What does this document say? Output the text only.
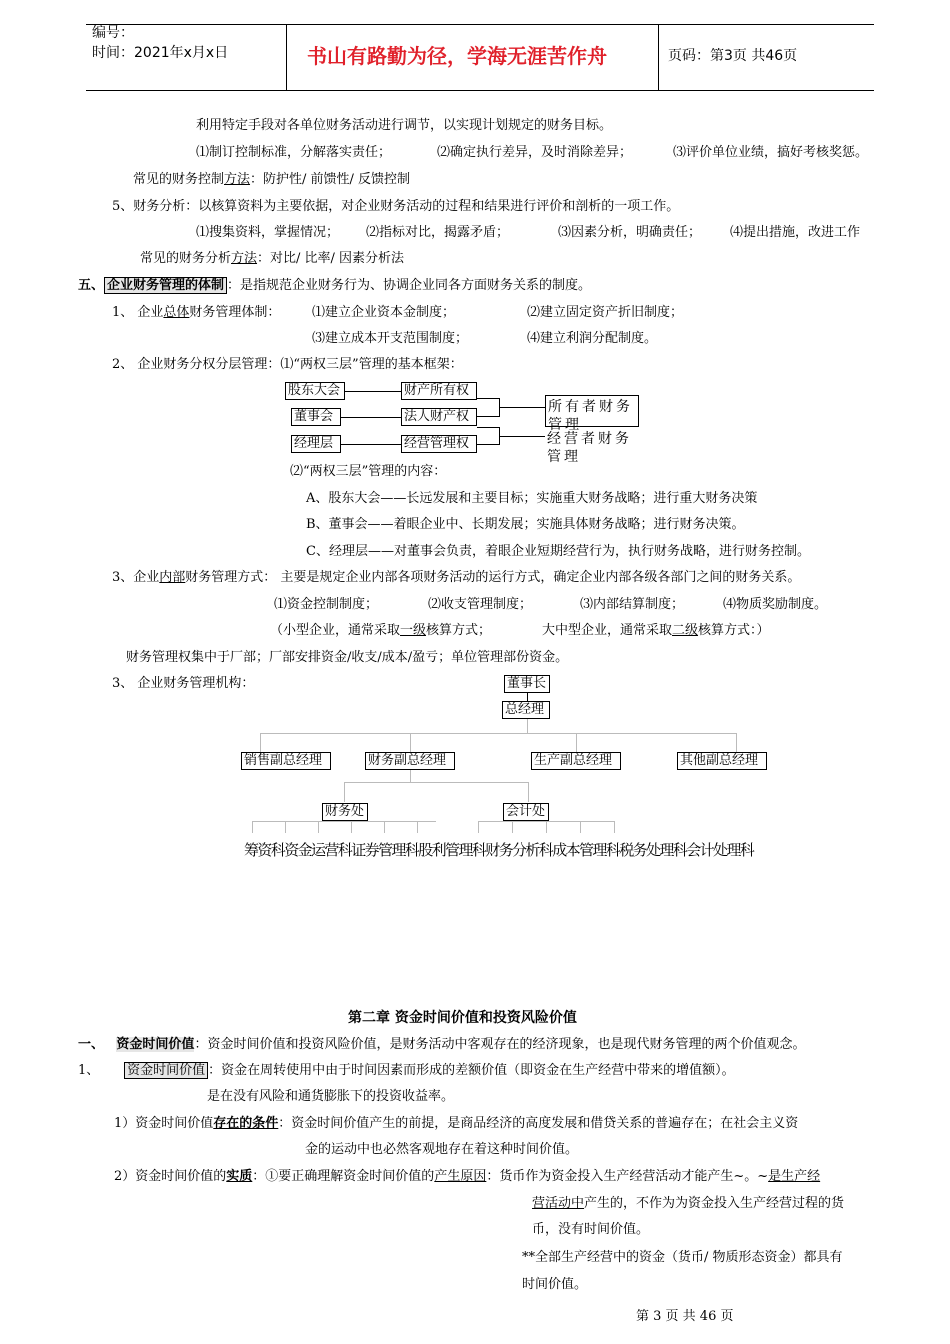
编号：
时间：2021年x月x日	书山有路勤为径，学海无涯苦作舟	页码：第3页 共46页
利用特定手段对各单位财务活动进行调节，以实现计划规定的财务目标。
⑴制订控制标准，分解落实责任；	⑵确定执行差异，及时消除差异；	⑶评价单位业绩，搞好考核奖惩。
常见的财务控制方法：防护性/ 前馈性/ 反馈控制
5、财务分析：以核算资料为主要依据，对企业财务活动的过程和结果进行评价和剖析的一项工作。
⑴搜集资料，掌握情况； ⑵指标对比，揭露矛盾；	⑶因素分析，明确责任； ⑷提出措施，改进工作
常见的财务分析方法：对比/ 比率/ 因素分析法
五、 企业财务管理的体制 ：是指规范企业财务行为、协调企业同各方面财务关系的制度。
1、 企业总体财务管理体制： ⑴建立企业资本金制度；	⑵建立固定资产折旧制度；
⑶建立成本开支范围制度；	⑷建立利润分配制度。
2、 企业财务分权分层管理：⑴“两权三层”管理的基本框架：
股东大会
董事会
经理层
财产所有权
法人财产权
经营管理权
所有者财务管理
经营者财务管理
⑵“两权三层”管理的内容：
A、股东大会——长远发展和主要目标；实施重大财务战略；进行重大财务决策
B、董事会——着眼企业中、长期发展；实施具体财务战略；进行财务决策。
C、经理层——对董事会负责，着眼企业短期经营行为，执行财务战略，进行财务控制。
3、企业内部财务管理方式： 主要是规定企业内部各项财务活动的运行方式，确定企业内部各级各部门之间的财务关系。
⑴资金控制制度；	⑵收支管理制度；	⑶内部结算制度；	⑷物质奖励制度。
（小型企业，通常采取一级核算方式；	大中型企业，通常采取二级核算方式：）
财务管理权集中于厂部；厂部安排资金/收支/成本/盈亏；单位管理部份资金。
3、 企业财务管理机构：	董事长
总经理
销售副总经理	财务副总经理	生产副总经理	其他副总经理
财务处	会计处
筹资科资金运营科证券管理科股利管理科财务分析科成本管理科税务处理科会计处理科
第二章 资金时间价值和投资风险价值
一、 资金时间价值：资金时间价值和投资风险价值，是财务活动中客观存在的经济现象，也是现代财务管理的两个价值观念。
1、 资金时间价值 ：资金在周转使用中由于时间因素而形成的差额价值（即资金在生产经营中带来的增值额）。
是在没有风险和通货膨胀下的投资收益率。
1）资金时间价值存在的条件：资金时间价值产生的前提，是商品经济的高度发展和借贷关系的普遍存在；在社会主义资
金的运动中也必然客观地存在着这种时间价值。
2）资金时间价值的实质：①要正确理解资金时间价值的产生原因：货币作为资金投入生产经营活动才能产生~。~是生产经
营活动中产生的，不作为为资金投入生产经营过程的货
币，没有时间价值。
**全部生产经营中的资金（货币/ 物质形态资金）都具有
时间价值。
第 3 页 共 46 页
